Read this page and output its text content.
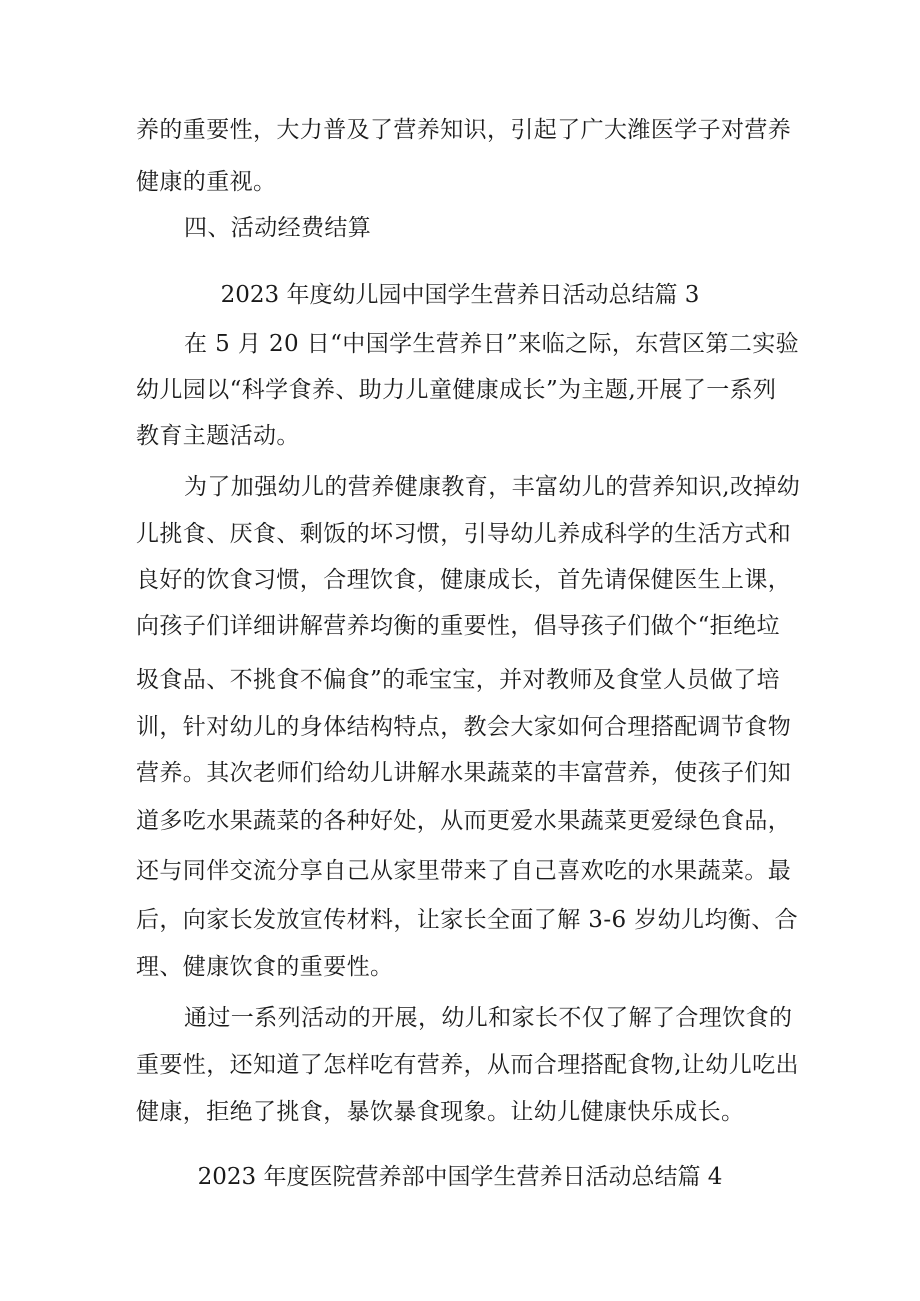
养的重要性，大力普及了营养知识，引起了广大潍医学子对营养
健康的重视。
四、活动经费结算
2023 年度幼儿园中国学生营养日活动总结篇 3
在 5 月 20 日“中国学生营养日”来临之际，东营区第二实验
幼儿园以“科学食养、助力儿童健康成长”为主题,开展了一系列
教育主题活动。
为了加强幼儿的营养健康教育，丰富幼儿的营养知识,改掉幼
儿挑食、厌食、剩饭的坏习惯，引导幼儿养成科学的生活方式和
良好的饮食习惯，合理饮食，健康成长，首先请保健医生上课，
向孩子们详细讲解营养均衡的重要性，倡导孩子们做个“拒绝垃
圾食品、不挑食不偏食”的乖宝宝，并对教师及食堂人员做了培
训，针对幼儿的身体结构特点，教会大家如何合理搭配调节食物
营养。其次老师们给幼儿讲解水果蔬菜的丰富营养，使孩子们知
道多吃水果蔬菜的各种好处，从而更爱水果蔬菜更爱绿色食品，
还与同伴交流分享自己从家里带来了自己喜欢吃的水果蔬菜。最
后，向家长发放宣传材料，让家长全面了解 3-6 岁幼儿均衡、合
理、健康饮食的重要性。
通过一系列活动的开展，幼儿和家长不仅了解了合理饮食的
重要性，还知道了怎样吃有营养，从而合理搭配食物,让幼儿吃出
健康，拒绝了挑食，暴饮暴食现象。让幼儿健康快乐成长。
2023 年度医院营养部中国学生营养日活动总结篇 4
